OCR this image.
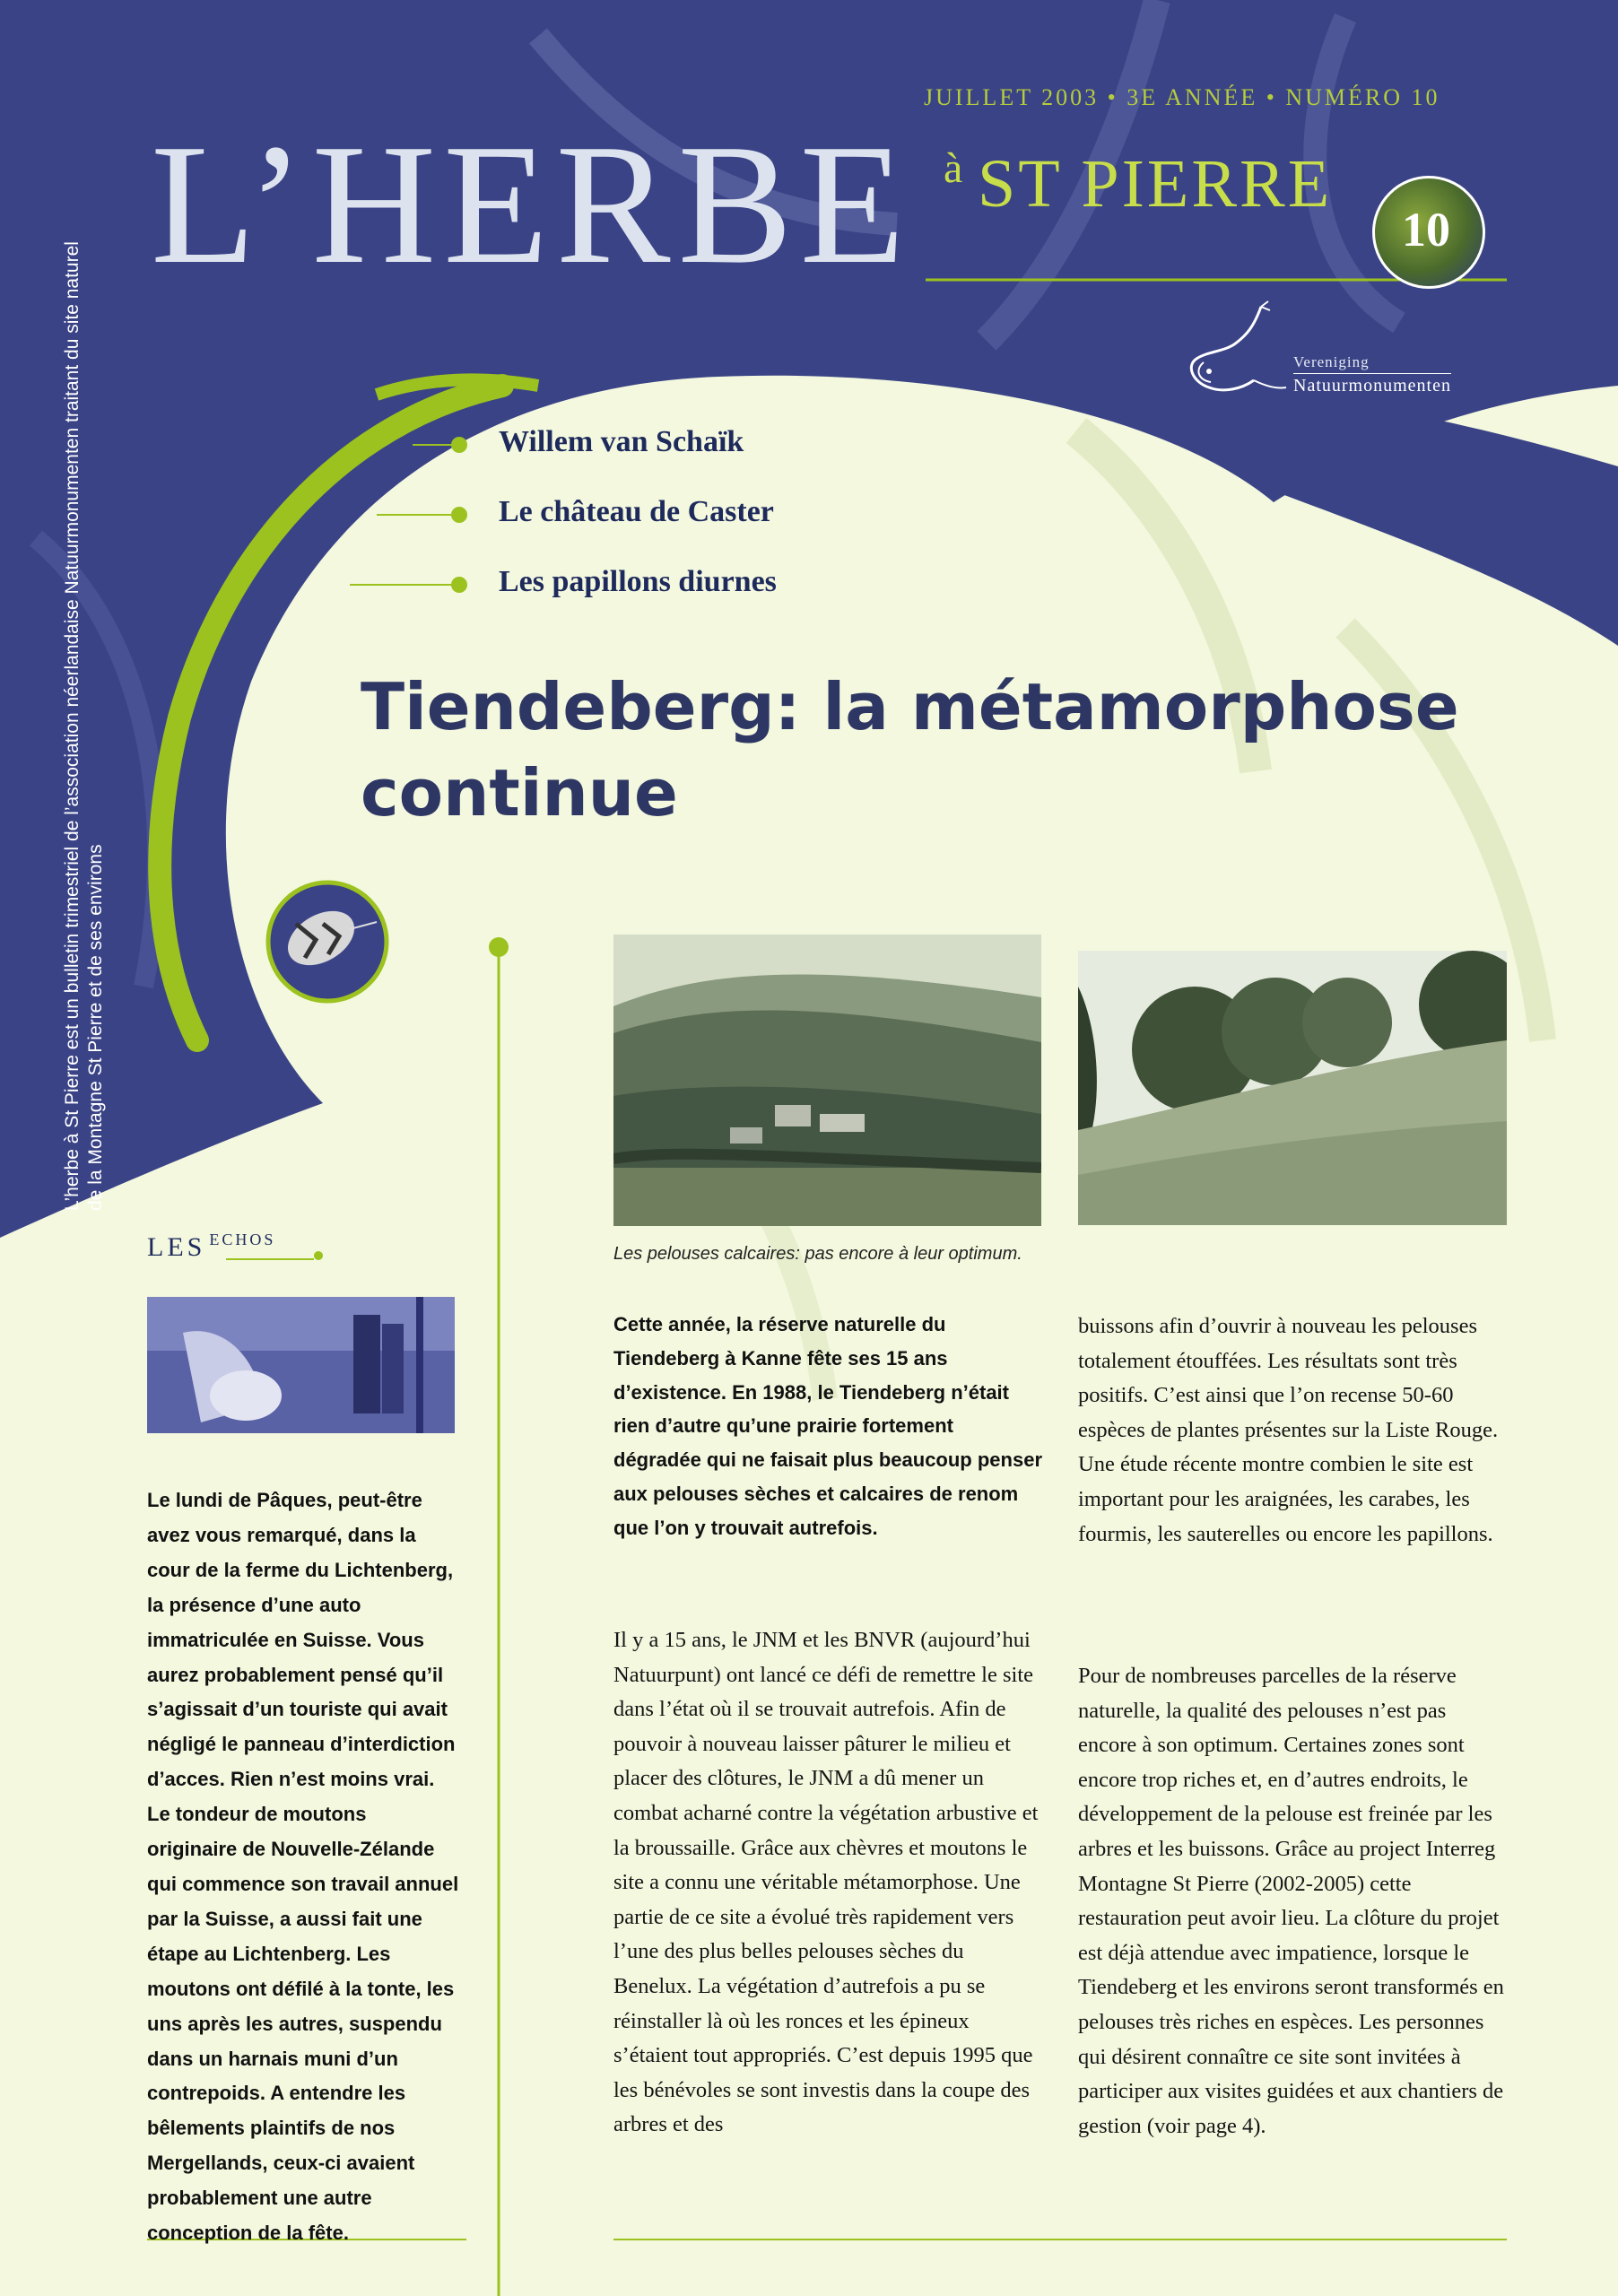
L’herbe à St Pierre est un bulletin trimestriel de l’association néerlandaise Natuurmonumenten traitant du site naturel de la Montagne St Pierre et de ses environs
JUILLET 2003 • 3E ANNÉE • NUMÉRO 10
L’HERBE à ST PIERRE
10
Vereniging
Natuurmonumenten
Willem van Schaïk
Le château de Caster
Les papillons diurnes
Tiendeberg: la métamorphose continue
Les pelouses calcaires: pas encore à leur optimum.
LES ECHOS

Le lundi de Pâques, peut-être avez vous remarqué, dans la cour de la ferme du Lichtenberg, la présence d’une auto immatriculée en Suisse. Vous aurez probablement pensé qu’il s’agissait d’un touriste qui avait négligé le panneau d’interdiction d’acces. Rien n’est moins vrai. Le tondeur de moutons originaire de Nouvelle-Zélande qui commence son travail annuel par la Suisse, a aussi fait une étape au Lichtenberg. Les moutons ont défilé à la tonte, les uns après les autres, suspendu dans un harnais muni d’un contrepoids. A entendre les bêlements plaintifs de nos Mergellands, ceux-ci avaient probablement une autre conception de la fête.

Cette année, la réserve naturelle du Tiendeberg à Kanne fête ses 15 ans d’existence. En 1988, le Tiendeberg n’était rien d’autre qu’une prairie fortement dégradée qui ne faisait plus beaucoup penser aux pelouses sèches et calcaires de renom que l’on y trouvait autrefois.

Il y a 15 ans, le JNM et les BNVR (aujourd’hui Natuurpunt) ont lancé ce défi de remettre le site dans l’état où il se trouvait autrefois. Afin de pouvoir à nouveau laisser pâturer le milieu et placer des clôtures, le JNM a dû mener un combat acharné contre la végétation arbustive et la broussaille. Grâce aux chèvres et moutons le site a connu une véritable métamorphose. Une partie de ce site a évolué très rapidement vers l’une des plus belles pelouses sèches du Benelux. La végétation d’autrefois a pu se réinstaller là où les ronces et les épineux s’étaient tout appropriés. C’est depuis 1995 que les bénévoles se sont investis dans la coupe des arbres et des

buissons afin d’ouvrir à nouveau les pelouses totalement étouffées. Les résultats sont très positifs. C’est ainsi que l’on recense 50-60 espèces de plantes présentes sur la Liste Rouge. Une étude récente montre combien le site est important pour les araignées, les carabes, les fourmis, les sauterelles ou encore les papillons.

Pour de nombreuses parcelles de la réserve naturelle, la qualité des pelouses n’est pas encore à son optimum. Certaines zones sont encore trop riches et, en d’autres endroits, le développement de la pelouse est freinée par les arbres et les buissons. Grâce au project Interreg Montagne St Pierre (2002-2005) cette restauration peut avoir lieu. La clôture du projet est déjà attendue avec impatience, lorsque le Tiendeberg et les environs seront transformés en pelouses très riches en espèces. Les personnes qui désirent connaître ce site sont invitées à participer aux visites guidées et aux chantiers de gestion (voir page 4).
